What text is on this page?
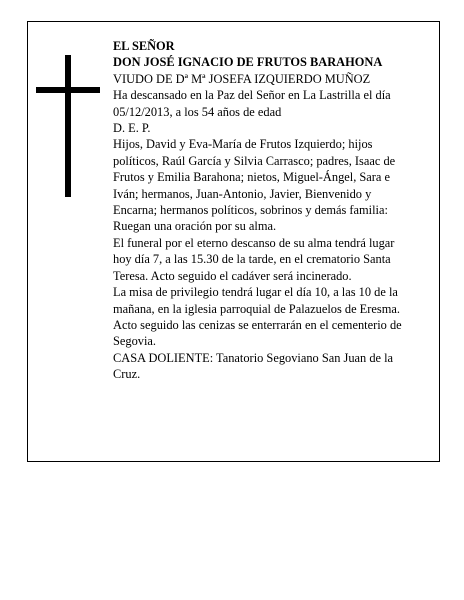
EL SEÑOR

DON JOSÉ IGNACIO DE FRUTOS BARAHONA

VIUDO DE Dª Mª JOSEFA IZQUIERDO MUÑOZ

Ha descansado en la Paz del Señor en La Lastrilla el día 05/12/2013, a los 54 años de edad

D. E. P.

Hijos, David y Eva-María de Frutos Izquierdo; hijos políticos, Raúl García y Silvia Carrasco; padres, Isaac de Frutos y Emilia Barahona; nietos, Miguel-Ángel, Sara e Iván; hermanos, Juan-Antonio, Javier, Bienvenido y Encarna; hermanos políticos, sobrinos y demás familia:

Ruegan una oración por su alma.

El funeral por el eterno descanso de su alma tendrá lugar hoy día 7, a las 15.30 de la tarde, en el crematorio Santa Teresa. Acto seguido el cadáver será incinerado.

La misa de privilegio tendrá lugar el día 10, a las 10 de la mañana, en la iglesia parroquial de Palazuelos de Eresma. Acto seguido las cenizas se enterrarán en el cementerio de Segovia.

CASA DOLIENTE: Tanatorio Segoviano San Juan de la Cruz.
